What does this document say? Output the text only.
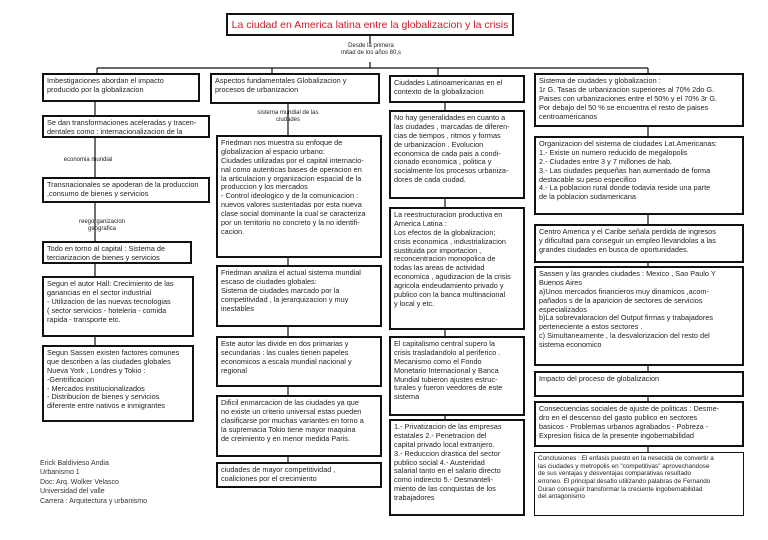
La ciudad en America latina entre la globalizacion y la crisis
Desde la primera
mitad de los años 80,s
Imbestigaciones abordan el impacto
producido por la globalizacion
Se dan transformaciones aceleradas y tracen-
dentales como : internacionalizacion de la
economia mundial
Transnacionales se apoderan de la produccion
,consumo de bienes y servicios
reegorganizacion
geografica
Todo en torno al capital : Sistema de
terciarizacion de bienes y servicios
Segun el autor Hall: Crecimiento de las
ganancias en el sector industrial
- Utilizacion de las nuevas tecnologias
( sector servicios - hoteleria - comida
rapida - transporte etc.
Segun Sassen existen factores comunes
que describen a las ciudades globales
Nueva York , Londres y Tokio :
-Gentrificacion
- Mercados institucionalizados
- Distribucion de bienes y servicios
diferente entre nativos e inmigrantes
Erick Baldivieso Andia
Urbanismo 1
Doc: Arq. Wolker Velasco
Universidad del valle
Carrera : Arquitectura y urbanismo
Aspectos fundamentales Globalizacion y
procesos de urbanizacion
sistema mundial de las
ciudades
Friedman nos muestra su enfoque de
globalizacion al espacio urbano:
Ciudades utilizadas por el capital internacio-
nal como autenticas bases de operacion en
la articulacion y organizacion espacial de la
produccion y los mercados
- Control ideologico y de la comunicacion :
nuevos valores sustentadas por esta nueva
clase social dominante la cual se caracteriza
por un territorio no concreto y la no identifi-
cacion.
Friedman analiza el actual sistema mundial
escaso de ciudades globales:
Sistema de ciudades marcado por la
competitividad , la jerarquizacion y muy
inestables
Este autor las divide en dos primarias y
secundarias : las cuales tienen papeles
economicos a escala mundial nacional y
regional
Dificil enmarcacion de las ciudades ya que
no existe un criterio universal estas pueden
clasificarse por muchas variantes en torno a
la supremacia Tokio tiene mayor maquina
de creimiento y en menor medida Paris.
ciudades de mayor competitividad ,
coaliciones por el crecimiento
Ciudades Latinoamericanas en el
contexto de la globalizacion
No hay generalidades en cuanto a
las ciudades , marcadas de diferen-
cias de tiempos , ritmos y formas
de urbanizacion . Evolucion
economica de cada pais a condi-
cionado economica , politica y
socialmente los procesos urbaniza-
dores de cada ciudad.
La reestructuracion productiva en
America Latina :
Los efectos de la globalizacion;
crisis economica , industrializacion
sustituida por importacion ,
reconcentracion monopolica de
todas las areas de actividad
economica , agudizacion de la crisis
agricola endeudamiento privado y
publico con la banca multinacional
y local y etc.
El capitalismo central supero la
crisis trasladandolo al periferico .
Mecanismo como el Fondo
Monetario Internacional y Banca
Mundial tubieron ajustes estruc-
turales y fueron veedores de este
sistema
1.- Privatizacion de las empresas
estatales 2.- Penetracion del
capital privado local extranjero.
3.- Reduccion drastica del sector
publico social 4.- Austeridad
salarial tanto en el salario directo
como indirecto 5.- Desmanteli-
miento de las conquistas de los
trabajadores
Sistema de ciudades y globalizacion :
1r G. Tasas de urbanizacion superiores al 70% 2do G.
Paises con urbanizaciones entre el 50% y el 70% 3r G.
Por debajo del 50 % se encuentra el resto de paises
centroamericanos
Organizacion del sistema de ciudades Lat.Americanas:
1.- Existe un numero reducido de megalopolis
2.- Ciudades entre 3 y 7 millones de hab.
3.- Las ciudades pequeñas han aumentado de forma
destacable su peso especifico
4.- La poblacion rural donde todavia reside una parte
de la poblacion sudamericana
Centro America y el Caribe señala perdida de ingresos
y dificultad para conseguir un empleo llevandolas a las
grandes ciudades en busca de oportunidades.
Sassen y las grandes ciudades : Mexico , Sao Paulo Y
Buenos Aires
a)Unos mercados financieros muy dinamicos ,acom-
pañados s de la aparicion de sectores de servicios
especializados
b)La sobrevaloracion del Output firmas y trabajadores
perteneciente a estos sectores .
c) Simultaneamente , la desvalorizacion del resto del
sistema economico
Impacto del proceso de globalizacion
Consecuencias sociales de ajuste de politicas : Desme-
dro en el descenso del gasto publico en sectores
basicos - Problemas urbanos agrabados - Pobreza -
Expresion fisica de la presente ingobernabilidad
Conclusiones : El enfasis puesto en la nesecida de convertir a
las ciudades y metropolis en "competitivas" aprovechandose
de sus ventajas y desventajas comparativas resultado
erroneo. El principal desafio utilizando palabras de Fernando
Duran conseguir transformar la creciente ingobernabilidad
del antagonismo
